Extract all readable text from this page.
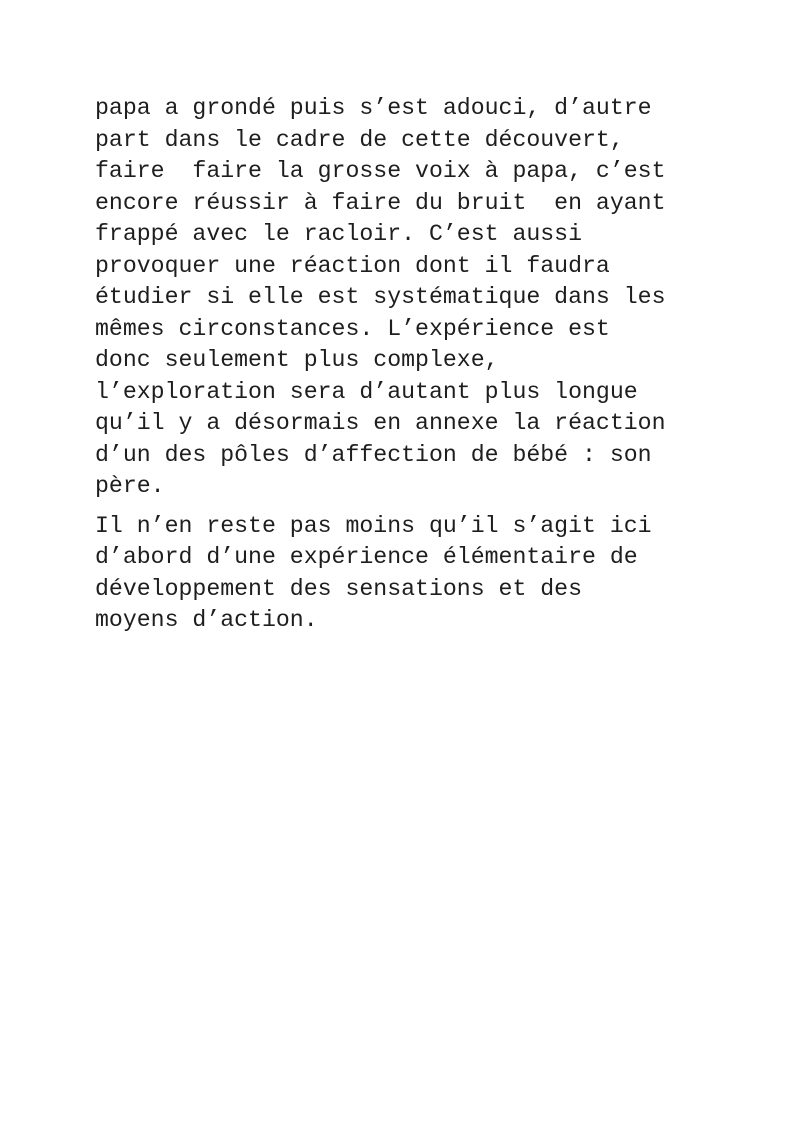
papa a grondé puis s’est adouci, d’autre
part dans le cadre de cette découvert,
faire  faire la grosse voix à papa, c’est
encore réussir à faire du bruit  en ayant
frappé avec le racloir. C’est aussi
provoquer une réaction dont il faudra
étudier si elle est systématique dans les
mêmes circonstances. L’expérience est
donc seulement plus complexe,
l’exploration sera d’autant plus longue
qu’il y a désormais en annexe la réaction
d’un des pôles d’affection de bébé : son
père.

Il n’en reste pas moins qu’il s’agit ici
d’abord d’une expérience élémentaire de
développement des sensations et des
moyens d’action.
